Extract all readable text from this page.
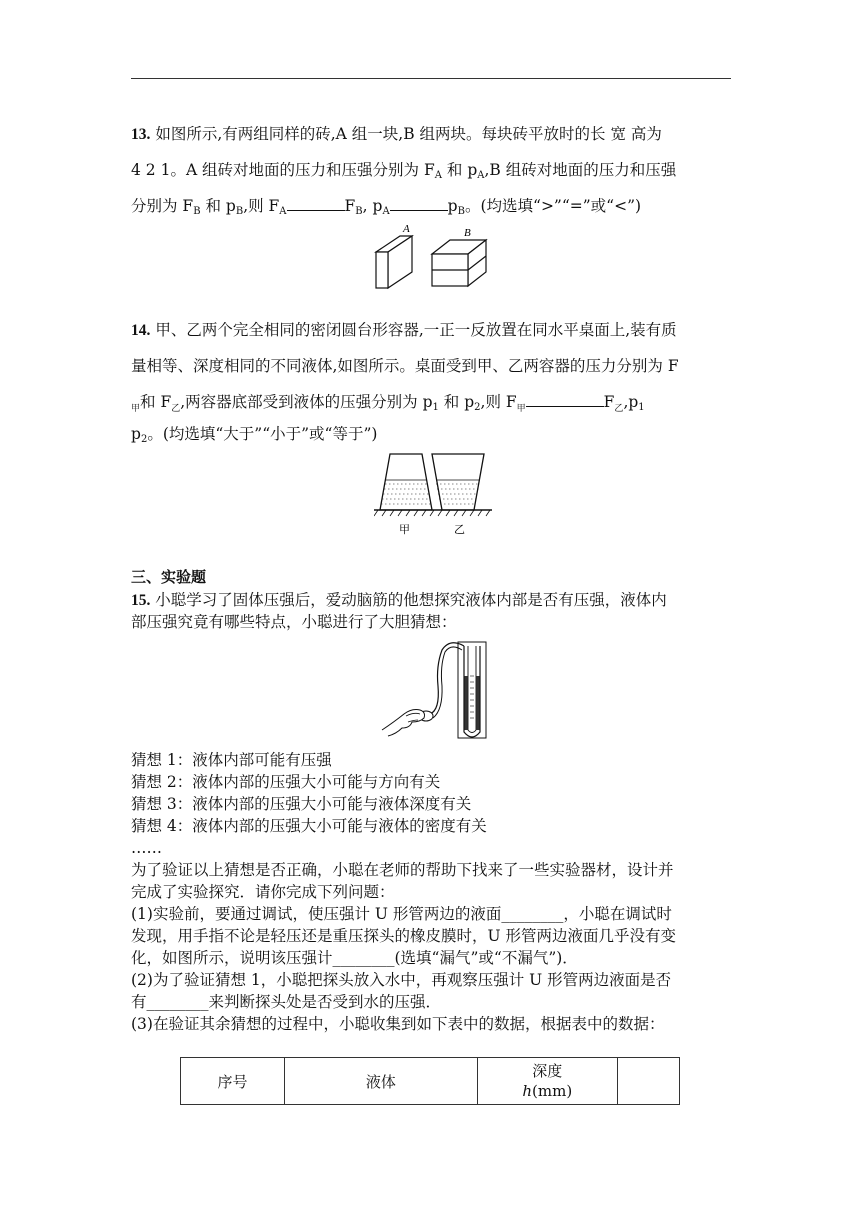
13. 如图所示,有两组同样的砖,A 组一块,B 组两块。每块砖平放时的长 宽 高为
4 2 1。A 组砖对地面的压力和压强分别为 $F_A$ 和 $p_A,B$ 组砖对地面的压力和压强
分别为 $F_B$ 和 $p_B$,则 $F_A$	$F_B$, $p_A$	$p_B$。(均选填“>”“=”或“<”)
A	B
14. 甲、乙两个完全相同的密闭圆台形容器,一正一反放置在同水平桌面上,装有质
量相等、深度相同的不同液体,如图所示。桌面受到甲、乙两容器的压力分别为 F
$_甲$和 $F_乙$,两容器底部受到液体的压强分别为 $p_1$ 和 $p_2$,则 $F_甲$	$F_乙,p_1$
$p_2$。(均选填“大于”“小于”或“等于”)
甲	乙
三、实验题
15. 小聪学习了固体压强后，爱动脑筋的他想探究液体内部是否有压强，液体内
部压强究竟有哪些特点，小聪进行了大胆猜想：
猜想 1：液体内部可能有压强
猜想 2：液体内部的压强大小可能与方向有关
猜想 3：液体内部的压强大小可能与液体深度有关
猜想 4：液体内部的压强大小可能与液体的密度有关
……
为了验证以上猜想是否正确，小聪在老师的帮助下找来了一些实验器材，设计并
完成了实验探究．请你完成下列问题：
(1)实验前，要通过调试，使压强计 U 形管两边的液面________，小聪在调试时
发现，用手指不论是轻压还是重压探头的橡皮膜时，U 形管两边液面几乎没有变
化，如图所示，说明该压强计________(选填“漏气”或“不漏气”)．
(2)为了验证猜想 1，小聪把探头放入水中，再观察压强计 U 形管两边液面是否
有________来判断探头处是否受到水的压强．
(3)在验证其余猜想的过程中，小聪收集到如下表中的数据，根据表中的数据：
序号	液体	深度
h(mm)	
